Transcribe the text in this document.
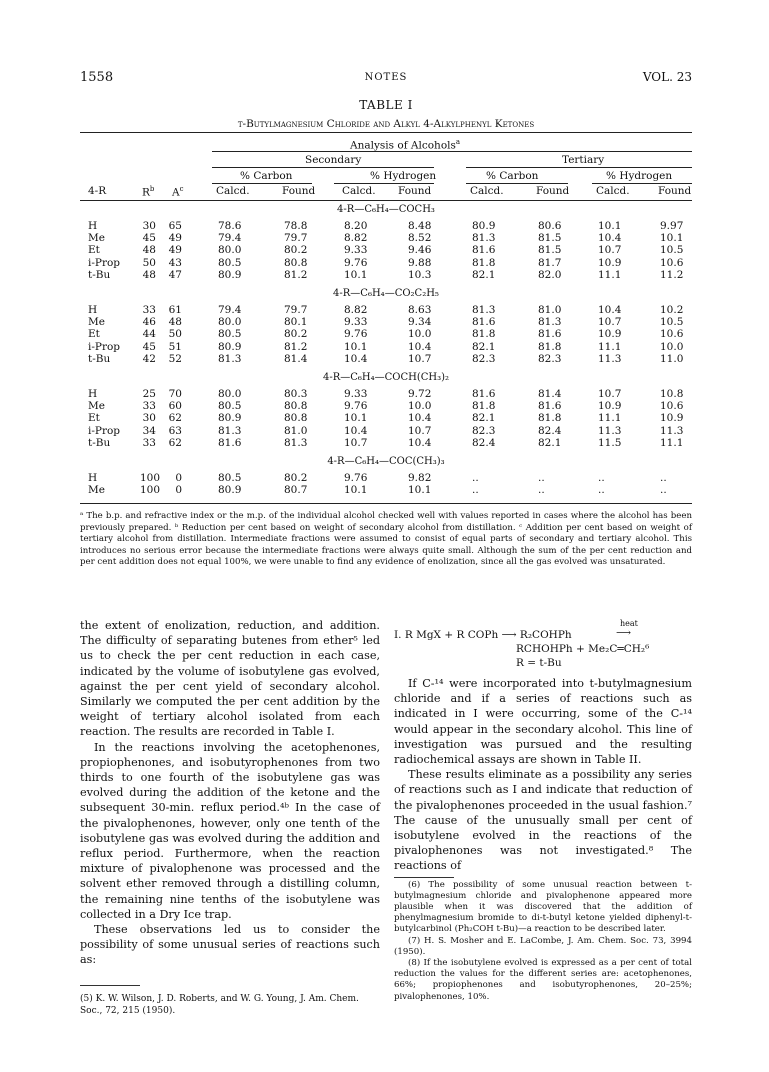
1558	NOTES	VOL. 23
TABLE I
t-Butylmagnesium Chloride and Alkyl 4-Alkylphenyl Ketones
Analysis of Alcohols$^a$
Secondary	Tertiary
% Carbon	% Hydrogen	% Carbon	% Hydrogen
4-R	$R^b$ $A^c$	Calcd.	Found	Calcd. Found	Calcd.	Found	Calcd.	Found
4-R—C₆H₄—COCH₃
H	30 65	78.6	78.8	8.20	8.48	80.9	80.6	10.1	9.97
Me	45 49	79.4	79.7	8.82	8.52	81.3	81.5	10.4	10.1
Et	48 49	80.0	80.2	9.33	9.46	81.6	81.5	10.7	10.5
i-Prop 50 43	80.5	80.8	9.76	9.88	81.8	81.7	10.9	10.6
t-Bu	48 47	80.9	81.2	10.1	10.3	82.1	82.0	11.1	11.2
4-R—C₆H₄—CO₂C₂H₅
H	33 61	79.4	79.7	8.82	8.63	81.3	81.0	10.4	10.2
Me	46 48	80.0	80.1	9.33	9.34	81.6	81.3	10.7	10.5
Et	44 50	80.5	80.2	9.76	10.0	81.8	81.6	10.9	10.6
i-Prop 45 51	80.9	81.2	10.1	10.4	82.1	81.8	11.1	10.0
t-Bu	42 52	81.3	81.4	10.4	10.7	82.3	82.3	11.3	11.0
4-R—C₆H₄—COCH(CH₃)₂
H	25 70	80.0	80.3	9.33	9.72	81.6	81.4	10.7	10.8
Me	33 60	80.5	80.8	9.76	10.0	81.8	81.6	10.9	10.6
Et	30 62	80.9	80.8	10.1	10.4	82.1	81.8	11.1	10.9
i-Prop 34 63	81.3	81.0	10.4	10.7	82.3	82.4	11.3	11.3
t-Bu	33 62	81.6	81.3	10.7	10.4	82.4	82.1	11.5	11.1
4-R—C₆H₄—COC(CH₃)₃
H	100	0	80.5	80.2	9.76	9.82	..	..	..	..
Me	100	0	80.9	80.7	10.1	10.1	..	..	..	..
ᵃ The b.p. and refractive index or the m.p. of the individual alcohol checked well with values reported in cases where the alcohol has been previously prepared. ᵇ Reduction per cent based on weight of secondary alcohol from distillation. ᶜ Addition per cent based on weight of tertiary alcohol from distillation. Intermediate fractions were assumed to consist of equal parts of secondary and tertiary alcohol. This introduces no serious error because the intermediate fractions were always quite small. Although the sum of the per cent reduction and per cent addition does not equal 100%, we were unable to find any evidence of enolization, since all the gas evolved was unsaturated.

the extent of enolization, reduction, and addition. The difficulty of separating butenes from ether⁵ led us to check the per cent reduction in each case, indicated by the volume of isobutylene gas evolved, against the per cent yield of secondary alcohol. Similarly we computed the per cent addition by the weight of tertiary alcohol isolated from each reaction. The results are recorded in Table I.

In the reactions involving the acetophenones, propiophenones, and isobutyrophenones from two thirds to one fourth of the isobutylene gas was evolved during the addition of the ketone and the subsequent 30-min. reflux period.⁴ᵇ In the case of the pivalophenones, however, only one tenth of the isobutylene gas was evolved during the addition and reflux period. Furthermore, when the reaction mixture of pivalophenone was processed and the solvent ether removed through a distilling column, the remaining nine tenths of the isobutylene was collected in a Dry Ice trap.

These observations led us to consider the possibility of some unusual series of reactions such as:

(5) K. W. Wilson, J. D. Roberts, and W. G. Young, J. Am. Chem. Soc., 72, 215 (1950).
I. R MgX + R COPh ⟶ R₂COHPh
heat
⟶
RCHOHPh + Me₂C═CH₂⁶
R = t-Bu

If C-¹⁴ were incorporated into t-butylmagnesium chloride and if a series of reactions such as indicated in I were occurring, some of the C-¹⁴ would appear in the secondary alcohol. This line of investigation was pursued and the resulting radiochemical assays are shown in Table II.

These results eliminate as a possibility any series of reactions such as I and indicate that reduction of the pivalophenones proceeded in the usual fashion.⁷ The cause of the unusually small per cent of isobutylene evolved in the reactions of the pivalophenones was not investigated.⁸ The reactions of

(6) The possibility of some unusual reaction between t-butylmagnesium chloride and pivalophenone appeared more plausible when it was discovered that the addition of phenylmagnesium bromide to di-t-butyl ketone yielded diphenyl-t-butylcarbinol (Ph₂COH t-Bu)—a reaction to be described later.

(7) H. S. Mosher and E. LaCombe, J. Am. Chem. Soc. 73, 3994 (1950).

(8) If the isobutylene evolved is expressed as a per cent of total reduction the values for the different series are: acetophenones, 66%; propiophenones and isobutyrophenones, 20–25%; pivalophenones, 10%.
